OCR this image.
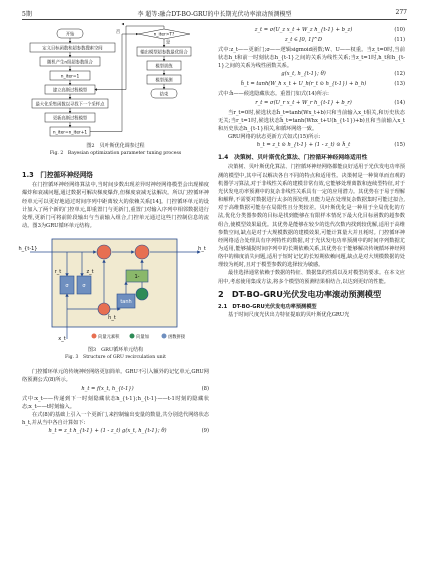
5期	李 超等:融合DT-BO-GRU的中长期光伏功率滚动预测模型	277
开始
定义目标函数和超参数搜索空间
随机产生n组超参数组合
n_iter=1
建立高斯过程模型
最大化采集函数以寻找下一个采样点
更新高斯过程模型
n_iter=n_iter+1
n_iter>T?
输出模型超参数最优组合
模型训练
模型预测
结束
是
否
图2　贝叶斯优化调参过程
Fig. 2　Bayesian optimization parameter tuning process
1.3　门控循环神经网络

在门控循环神经网络算法中,当时间步数出现差异时神经网络模型会出现梯度爆炸和衰减问题,通过数据可解决梯度爆炸,但梯度衰减无法解决。所以门控循环神经单元可以更好地通过时间序列中距离较大的依赖关系[14]。门控循环单元的设计加入了两个新的门控单元,即重置门与更新门,重置门对输入序列中相邻数据进行处理,更新门可将前阶段输出与当前输入组合,门控单元通过这些门控制信息的流动。图3为GRU循环单元结构。

h_{t-1}	h_t
x_t
σ	σ
tanh
1-
r_t	z_t
h̃_t
向量元素积	向量加	函数拼接
图3　GRU循环单元结构
Fig. 3　Structure of GRU recirculation unit

门控循环单元的传统神经网络更加简单。GRU不引入额外的记忆单元,GRU网络预测公式(8)所示。

h_t = f(x_t, h_{t-1})	(8)

式中:x_t——传递到下一时刻隐藏状态h_{t-1};h_{t-1}——t-1时刻的隐藏状态;x_t——t时刻输入。

在式(8)的基础上引入一个更新门,来控制输出变量的数量,共分别迭代网络状态h_t,并从当中各自计算如下:

h_t = z_t h_{t-1} + (1 - z_t) g(x_t, h_{t-1}; θ)	(9)
z_t = σ(U_z x_t + W_z h_{t-1} + b_z)	(10)
z_t ∈ [0, 1]^D	(11)

式中:z_t——更新门;σ——逻辑sigmoid函数;W、U——权重。当z_t=0时,当前状态h_t和前一时刻状态h_{t-1}之间的关系为线性关系;当z_t=1时,h_t和h_{t-1}之间的关系为线性函数关系。

g(x_t, h_{t-1}; θ)	(12)
h̃_t = tanh(W_h x_t + U_h(r_t ⊙ h_{t-1}) + b_h)	(13)

式中:h̃——候选隐藏状态。重置门如式(14)所示:

r_t = σ(U_r x_t + W_r h_{t-1} + b_r)	(14)

当r_t=0时,候选状态h̃_t=tanh(Wx_t+b)只和当前输入x_t相关,和历史状态无关;当r_t=1时,候选状态h̃_t=tanh(Whx_t+U(h_{t-1})+b)且和当前输入x_t和历史状态h_{t-1}相关,和循环网络一致。

GRU网络的状态更新方式如式(15)所示:

h_t = z_t ⊙ h_{t-1} + (1 - z_t) ⊙ h̃_t	(15)
1.4　决策树、贝叶斯优化算法、门控循环神经网络适用性

决策树、贝叶斯优化算法、门控循环神经网络都能良好适用于光伏发电功率预测的模型中,其中可以解决各自不同的特点和适用性。决策树是一种简单而直观的机器学习算法,对于非线性关系的建模非常有效,它能够处理离散和连续型特征,对于光伏发电功率预测中的复杂非线性关系具有一定的应用潜力。其优势在于易于理解和解释,不需要对数据进行太多的预处理,且能力是在处理复杂数据集时可能过拟合,对于高维数据可能存在局限性且分类较差。贝叶斯优化是一种用于全局优化的方法,优化分类器参数的目标是找到能够在有限样本情况下最大化目标函数的超参数组合,使模型效果最优。其优势是能够在较少的迭代次数内找到较优解,适用于高维参数空间,缺点是对于大规模数据的建模效果,可能计算量大并且耗时。门控循环神经网络适合处理具有序列特性的数据,对于光伏发电功率预测中的时间序列数据尤为适用,能够捕捉时间序列中的长期依赖关系,其优势在于能够解决传统循环神经网络中的梯度消失问题,适用于短时记忆的长短期依赖问题,缺点是对大规模数据的处理较为耗时,且对于模型参数的选择较为敏感。

最佳选择通常依赖于数据的特征、数据集的性质以及对模型的要求。在本文应用中,考虑使用集成方法,将多个模型的预测结果相结合,以达到更好的性能。

2　DT-BO-GRU光伏发电功率滚动预测模型
2.1　DT-BO-GRU光伏发电功率预测模型

基于时间尺度光伏出力特征提取的贝叶斯优化GRU光
